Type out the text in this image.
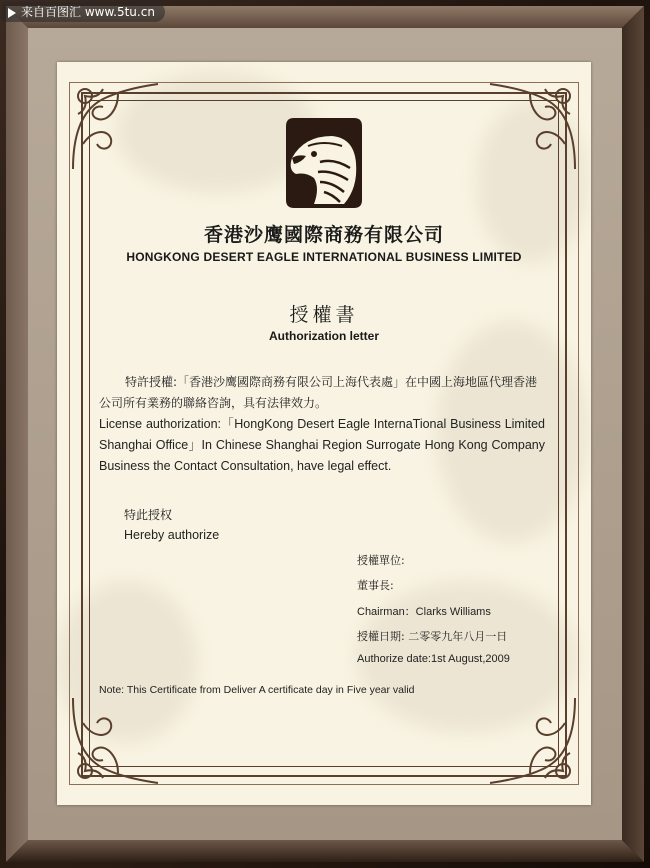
来自百图汇 www.5tu.cn
香港沙鹰國際商務有限公司
HONGKONG DESERT EAGLE INTERNATIONAL BUSINESS LIMITED
授權書
Authorization letter
特許授權:「香港沙鹰國際商務有限公司上海代表處」在中國上海地區代理香港公司所有業務的聯絡咨詢，具有法律效力。
License authorization:「HongKong Desert Eagle InternaTional Business Limited Shanghai Office」In Chinese Shanghai Region Surrogate Hong Kong Company Business the Contact Consultation, have legal effect.
特此授权
Hereby authorize
授權單位:
董事長:
Chairman：Clarks Williams
授權日期: 二零零九年八月一日
Authorize date:1st August,2009
Note: This Certificate from Deliver A certificate day in Five year valid
